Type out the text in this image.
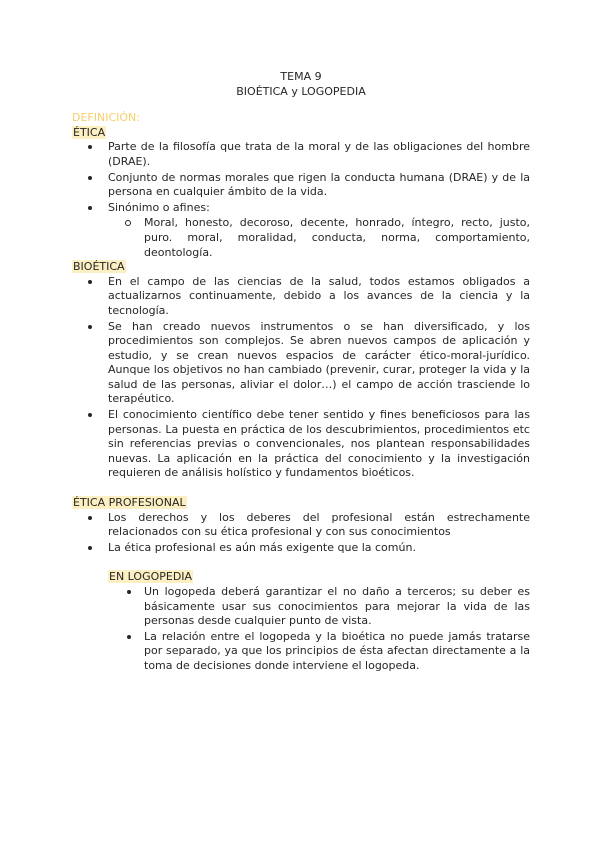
TEMA 9

BIOÉTICA y LOGOPEDIA

DEFINICIÓN:

ÉTICA

Parte de la filosofía que trata de la moral y de las obligaciones del hombre (DRAE).
Conjunto de normas morales que rigen la conducta humana (DRAE) y de la persona en cualquier ámbito de la vida.
Sinónimo o afines:
Moral, honesto, decoroso, decente, honrado, íntegro, recto, justo, puro. moral, moralidad, conducta, norma, comportamiento, deontología.

BIOÉTICA

En el campo de las ciencias de la salud, todos estamos obligados a actualizarnos continuamente, debido a los avances de la ciencia y la tecnología.
Se han creado nuevos instrumentos o se han diversificado, y los procedimientos son complejos. Se abren nuevos campos de aplicación y estudio, y se crean nuevos espacios de carácter ético-moral-jurídico. Aunque los objetivos no han cambiado (prevenir, curar, proteger la vida y la salud de las personas, aliviar el dolor…) el campo de acción trasciende lo terapéutico.
El conocimiento científico debe tener sentido y fines beneficiosos para las personas. La puesta en práctica de los descubrimientos, procedimientos etc sin referencias previas o convencionales, nos plantean responsabilidades nuevas. La aplicación en la práctica del conocimiento y la investigación requieren de análisis holístico y fundamentos bioéticos.

ÉTICA PROFESIONAL

Los derechos y los deberes del profesional están estrechamente relacionados con su ética profesional y con sus conocimientos
La ética profesional es aún más exigente que la común.

EN LOGOPEDIA

Un logopeda deberá garantizar el no daño a terceros; su deber es básicamente usar sus conocimientos para mejorar la vida de las personas desde cualquier punto de vista.
La relación entre el logopeda y la bioética no puede jamás tratarse por separado, ya que los principios de ésta afectan directamente a la toma de decisiones donde interviene el logopeda.
